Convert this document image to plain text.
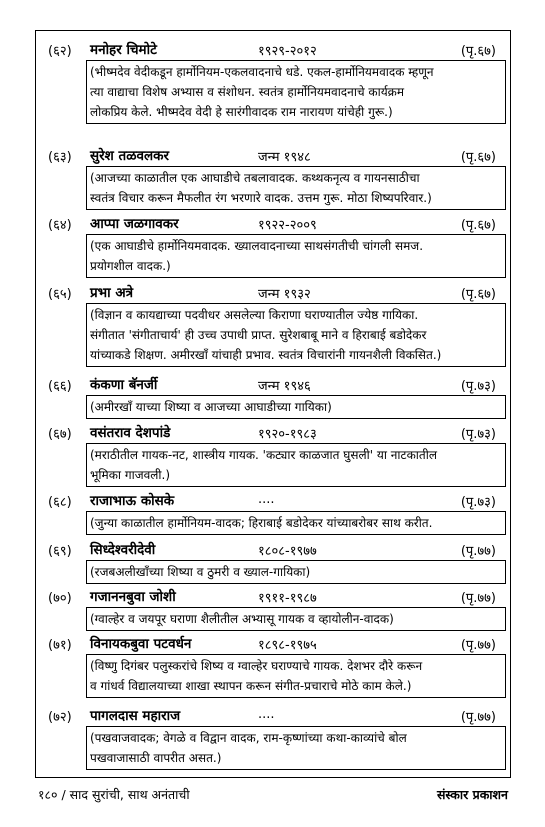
(६२) मनोहर चिमोटे	१९२९-२०१२	(पृ.६७)
(भीष्मदेव वेदीकडून हार्मोनियम-एकलवादनाचे धडे. एकल-हार्मोनियमवादक म्हणून
त्या वाद्याचा विशेष अभ्यास व संशोधन. स्वतंत्र हार्मोनियमवादनाचे कार्यक्रम
लोकप्रिय केले. भीष्मदेव वेदी हे सारंगीवादक राम नारायण यांचेही गुरू.)
(६३) सुरेश तळवलकर	जन्म १९४८	(पृ.६७)
(आजच्या काळातील एक आघाडीचे तबलावादक. कथ्थकनृत्य व गायनसाठीचा
स्वतंत्र विचार करून मैफलीत रंग भरणारे वादक. उत्तम गुरू. मोठा शिष्यपरिवार.)
(६४) आप्पा जळगावकर	१९२२-२००९	(पृ.६७)
(एक आघाडीचे हार्मोनियमवादक. ख्यालवादनाच्या साथसंगतीची चांगली समज.
प्रयोगशील वादक.)
(६५) प्रभा अत्रे	जन्म १९३२	(पृ.६७)
(विज्ञान व कायद्याच्या पदवीधर असलेल्या किराणा घराण्यातील ज्येष्ठ गायिका.
संगीतात 'संगीताचार्य' ही उच्च उपाधी प्राप्त. सुरेशबाबू माने व हिराबाई बडोदेकर
यांच्याकडे शिक्षण. अमीरखाँ यांचाही प्रभाव. स्वतंत्र विचारांनी गायनशैली विकसित.)
(६६) कंकणा बॅनर्जी	जन्म १९४६	(पृ.७३)
(अमीरखाँ याच्या शिष्या व आजच्या आघाडीच्या गायिका)
(६७) वसंतराव देशपांडे	१९२०-१९८३	(पृ.७३)
(मराठीतील गायक-नट, शास्त्रीय गायक. 'कट्यार काळजात घुसली' या नाटकातील
भूमिका गाजवली.)
(६८) राजाभाऊ कोसके	....	(पृ.७३)
(जुन्या काळातील हार्मोनियम-वादक; हिराबाई बडोदेकर यांच्याबरोबर साथ करीत.
(६९) सिध्देश्वरीदेवी	१८०८-१९७७	(पृ.७७)
(रजबअलीखाँच्या शिष्या व ठुमरी व ख्याल-गायिका)
(७०) गजाननबुवा जोशी	१९११-१९८७	(पृ.७७)
(ग्वाल्हेर व जयपूर घराणा शैलीतील अभ्यासू गायक व व्हायोलीन-वादक)
(७१) विनायकबुवा पटवर्धन	१८९८-१९७५	(पृ.७७)
(विष्णु दिगंबर पलुस्करांचे शिष्य व ग्वाल्हेर घराण्याचे गायक. देशभर दौरे करून
व गांधर्व विद्यालयाच्या शाखा स्थापन करून संगीत-प्रचाराचे मोठे काम केले.)
(७२) पागलदास महाराज	....	(पृ.७७)
(पखवाजवादक; वेगळे व विद्वान वादक, राम-कृष्णांच्या कथा-काव्यांचे बोल
पखवाजासाठी वापरीत असत.)
१८० / साद सुरांची, साथ अनंताची	संस्कार प्रकाशन
